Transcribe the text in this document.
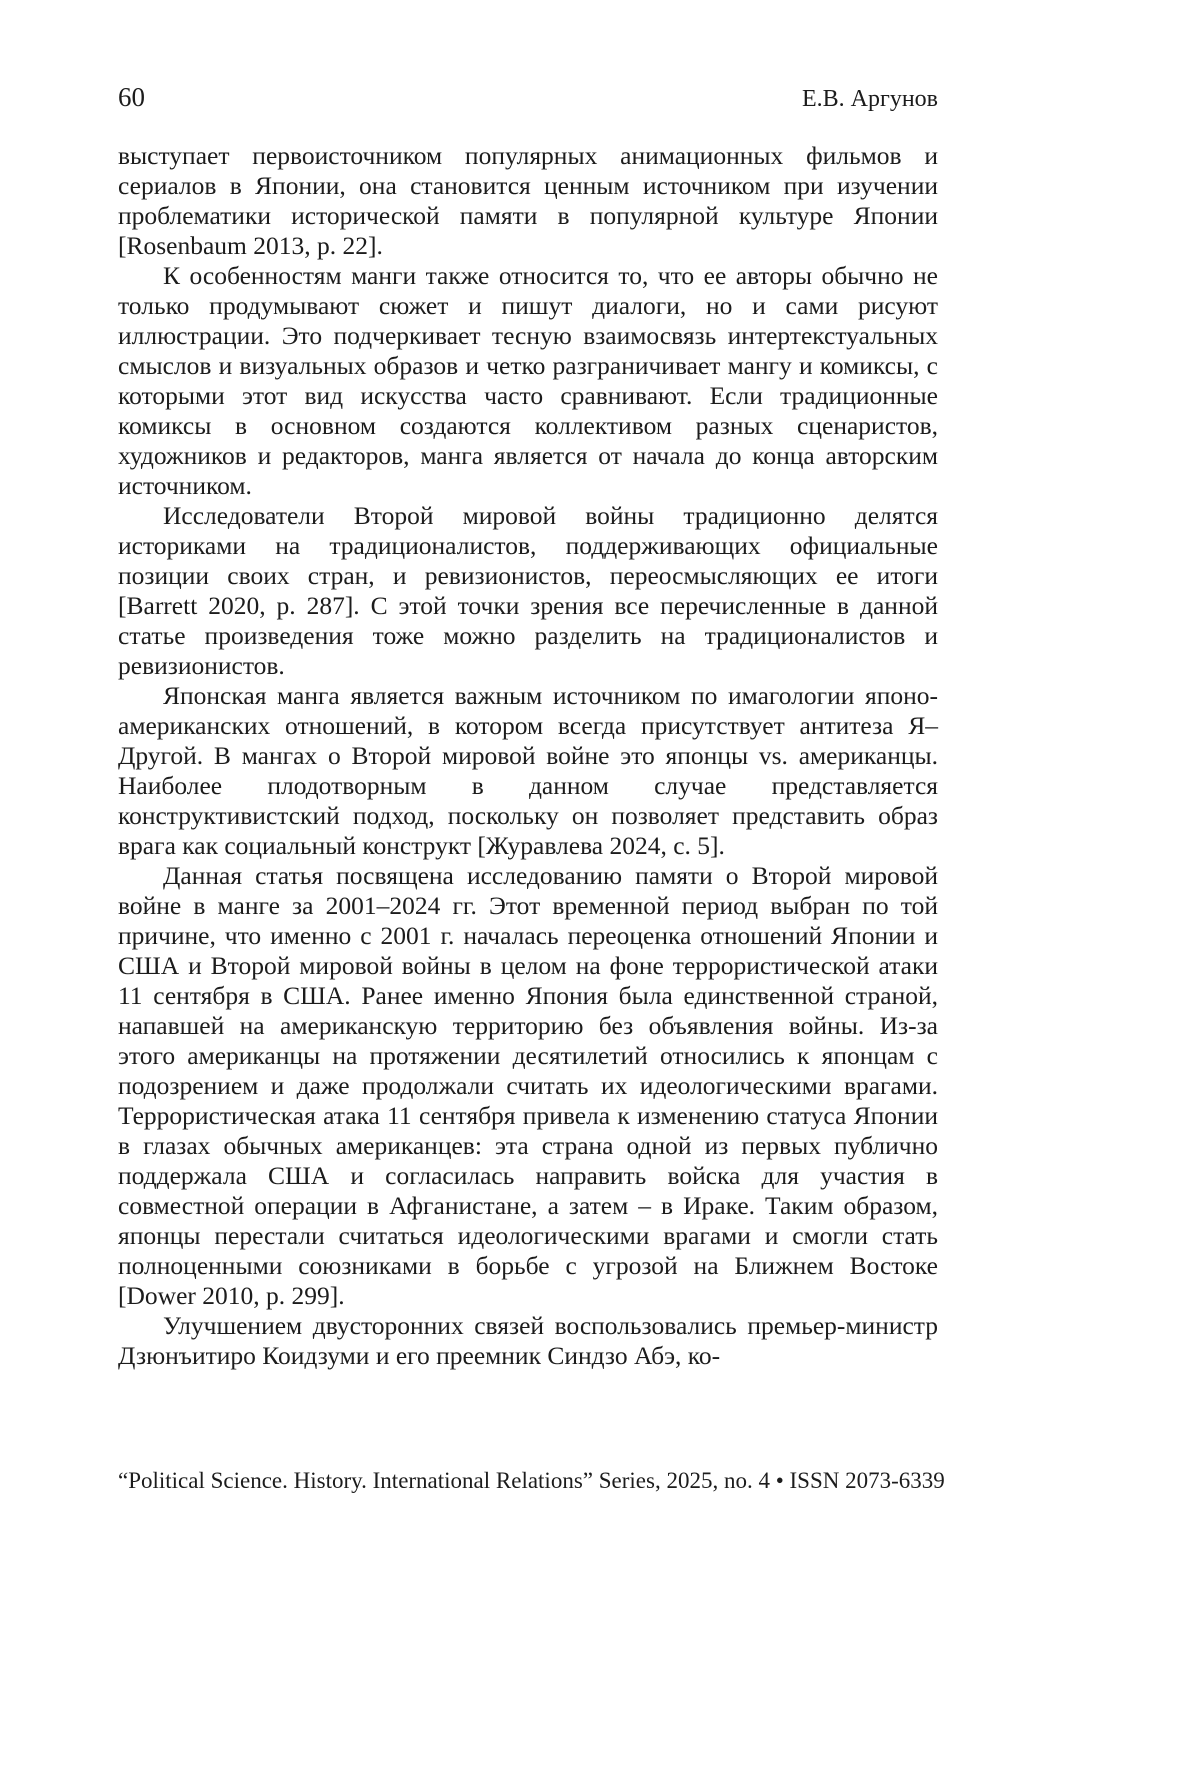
60	Е.В. Аргунов

выступает первоисточником популярных анимационных фильмов и сериалов в Японии, она становится ценным источником при изучении проблематики исторической памяти в популярной культуре Японии [Rosenbaum 2013, p. 22].

К особенностям манги также относится то, что ее авторы обычно не только продумывают сюжет и пишут диалоги, но и сами рисуют иллюстрации. Это подчеркивает тесную взаимосвязь интертекстуальных смыслов и визуальных образов и четко разграничивает мангу и комиксы, с которыми этот вид искусства часто сравнивают. Если традиционные комиксы в основном создаются коллективом разных сценаристов, художников и редакторов, манга является от начала до конца авторским источником.

Исследователи Второй мировой войны традиционно делятся историками на традиционалистов, поддерживающих официальные позиции своих стран, и ревизионистов, переосмысляющих ее итоги [Barrett 2020, p. 287]. С этой точки зрения все перечисленные в данной статье произведения тоже можно разделить на традиционалистов и ревизионистов.

Японская манга является важным источником по имагологии японо-американских отношений, в котором всегда присутствует антитеза Я–Другой. В мангах о Второй мировой войне это японцы vs. американцы. Наиболее плодотворным в данном случае представляется конструктивистский подход, поскольку он позволяет представить образ врага как социальный конструкт [Журавлева 2024, с. 5].

Данная статья посвящена исследованию памяти о Второй мировой войне в манге за 2001–2024 гг. Этот временной период выбран по той причине, что именно с 2001 г. началась переоценка отношений Японии и США и Второй мировой войны в целом на фоне террористической атаки 11 сентября в США. Ранее именно Япония была единственной страной, напавшей на американскую территорию без объявления войны. Из-за этого американцы на протяжении десятилетий относились к японцам с подозрением и даже продолжали считать их идеологическими врагами. Террористическая атака 11 сентября привела к изменению статуса Японии в глазах обычных американцев: эта страна одной из первых публично поддержала США и согласилась направить войска для участия в совместной операции в Афганистане, а затем – в Ираке. Таким образом, японцы перестали считаться идеологическими врагами и смогли стать полноценными союзниками в борьбе с угрозой на Ближнем Востоке [Dower 2010, p. 299].

Улучшением двусторонних связей воспользовались премьер-министр Дзюнъитиро Коидзуми и его преемник Синдзо Абэ, ко-

“Political Science. History. International Relations” Series, 2025, no. 4 • ISSN 2073-6339
